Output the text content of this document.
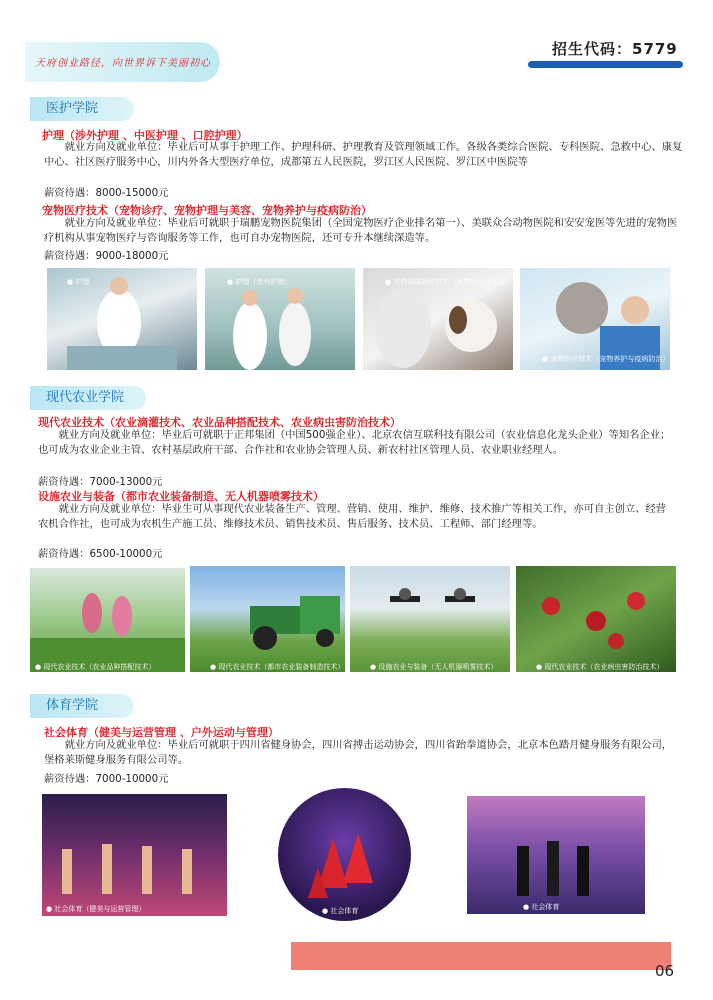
天府创业路径，向世界诉下美丽初心
招生代码：5779
医护学院
护理（涉外护理 、中医护理 、口腔护理）
就业方向及就业单位：毕业后可从事于护理工作、护理科研、护理教育及管理领域工作。各级各类综合医院、专科医院、急救中心、康复中心、社区医疗服务中心，川内外各大型医疗单位，成都第五人民医院，罗江区人民医院、罗江区中医院等
薪资待遇：8000-15000元
宠物医疗技术（宠物诊疗、宠物护理与美容、宠物养护与疫病防治）
就业方向及就业单位：毕业后可就职于瑞鹏宠物医院集团（全国宠物医疗企业排名第一）、美联众合动物医院和安安宠医等先进的宠物医疗机构从事宠物医疗与咨询服务等工作，也可自办宠物医院，还可专升本继续深造等。
薪资待遇：9000-18000元
● 护理	● 护理（涉外护理）	● 宠物临床医疗技术（宠物诊疗与美容）
● 宠物医疗技术（宠物养护与疫病防治）
现代农业学院
现代农业技术（农业滴灌技术、农业品种搭配技术、农业病虫害防治技术）
就业方向及就业单位：毕业后可就职于正邦集团（中国500强企业）、北京农信互联科技有限公司（农业信息化龙头企业）等知名企业；也可成为农业企业主管、农村基层政府干部、合作社和农业协会管理人员、新农村社区管理人员、农业职业经理人。
薪资待遇：7000-13000元
设施农业与装备（都市农业装备制造、无人机器喷雾技术）
就业方向及就业单位：毕业生可从事现代农业装备生产、管理、营销、使用、维护、维修、技术推广等相关工作，亦可自主创立、经营农机合作社，也可成为农机生产施工员、维修技术员、销售技术员、售后服务、技术员、工程师、部门经理等。
薪资待遇：6500-10000元
● 现代农业技术（农业品种搭配技术）	● 现代农业技术（都市农业装备制造技术）	● 设施农业与装备（无人机器喷雾技术）	● 现代农业技术（农业病虫害防治技术）
体育学院
社会体育（健美与运营管理 、户外运动与管理）
就业方向及就业单位：毕业后可就职于四川省健身协会，四川省搏击运动协会，四川省跆拳道协会，北京本色踏月健身服务有限公司，堡格莱斯健身服务有限公司等。
薪资待遇：7000-10000元
● 社会体育（健美与运营管理）	● 社会体育	● 社会体育
06
